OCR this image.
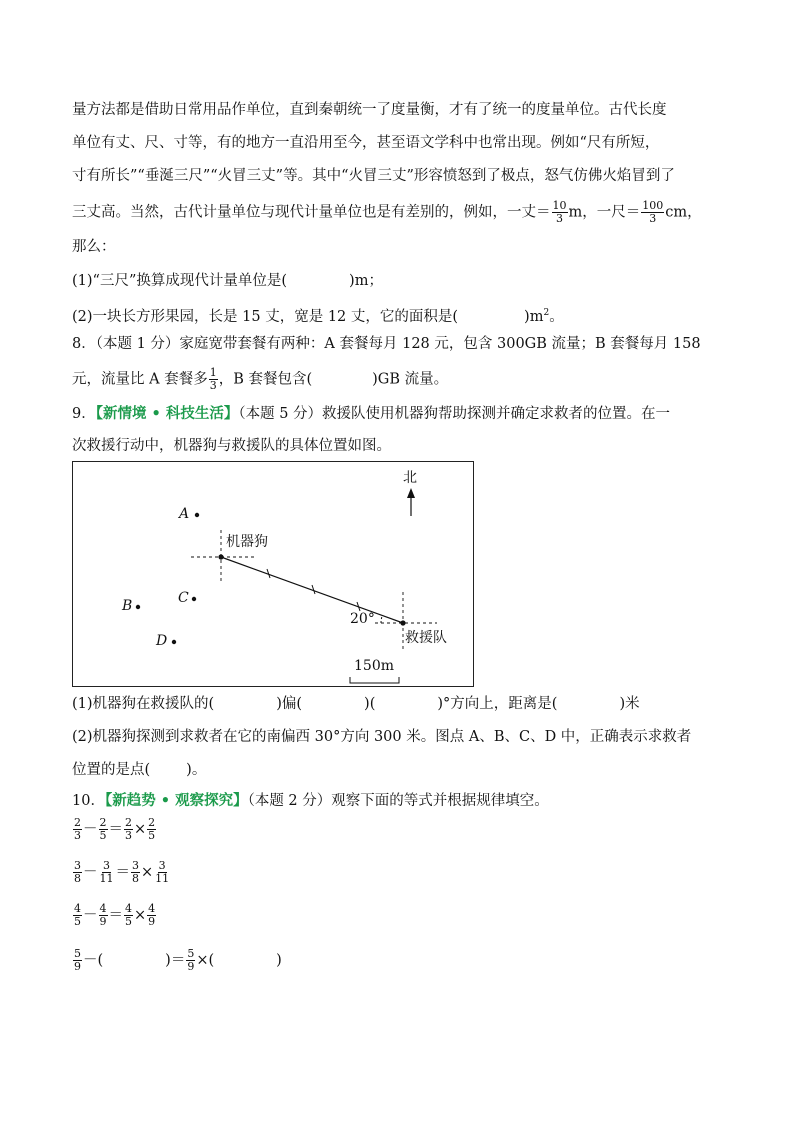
量方法都是借助日常用品作单位，直到秦朝统一了度量衡，才有了统一的度量单位。古代长度
单位有丈、尺、寸等，有的地方一直沿用至今，甚至语文学科中也常出现。例如“尺有所短，
寸有所长”“垂涎三尺”“火冒三丈”等。其中“火冒三丈”形容愤怒到了极点，怒气仿佛火焰冒到了
三丈高。当然，古代计量单位与现代计量单位也是有差别的，例如，一丈＝ $\frac{10}{3}$ m，一尺＝ $\frac{100}{3}$ cm，
那么：
(1)“三尺”换算成现代计量单位是(	)m；
(2)一块长方形果园，长是 15 丈，宽是 12 丈，它的面积是(	)$m^2$。
8．（本题 1 分）家庭宽带套餐有两种：A 套餐每月 128 元，包含 300GB 流量；B 套餐每月 158
元，流量比 A 套餐多 $\frac{1}{3}$ ，B 套餐包含(	)GB 流量。
9．【新情境 • 科技生活】（本题 5 分）救援队使用机器狗帮助探测并确定求救者的位置。在一
次救援行动中，机器狗与救援队的具体位置如图。
北
A
B	C
D
机器狗
救援队
20°
150m
(1)机器狗在救援队的(	)偏(	)(	)°方向上，距离是(	)米
(2)机器狗探测到求救者在它的南偏西 30°方向 300 米。图点 A、B、C、D 中，正确表示求救者
位置的是点( )。
10．【新趋势 • 观察探究】（本题 2 分）观察下面的等式并根据规律填空。
$\frac{2}{3} - \frac{2}{5} = \frac{2}{3} \times \frac{2}{5}$
$\frac{3}{8} - \frac{3}{11} = \frac{3}{8} \times \frac{3}{11}$
$\frac{4}{5} - \frac{4}{9} = \frac{4}{5} \times \frac{4}{9}$
$\frac{5}{9}$ －(	)＝ $\frac{5}{9}$ ×(	)
